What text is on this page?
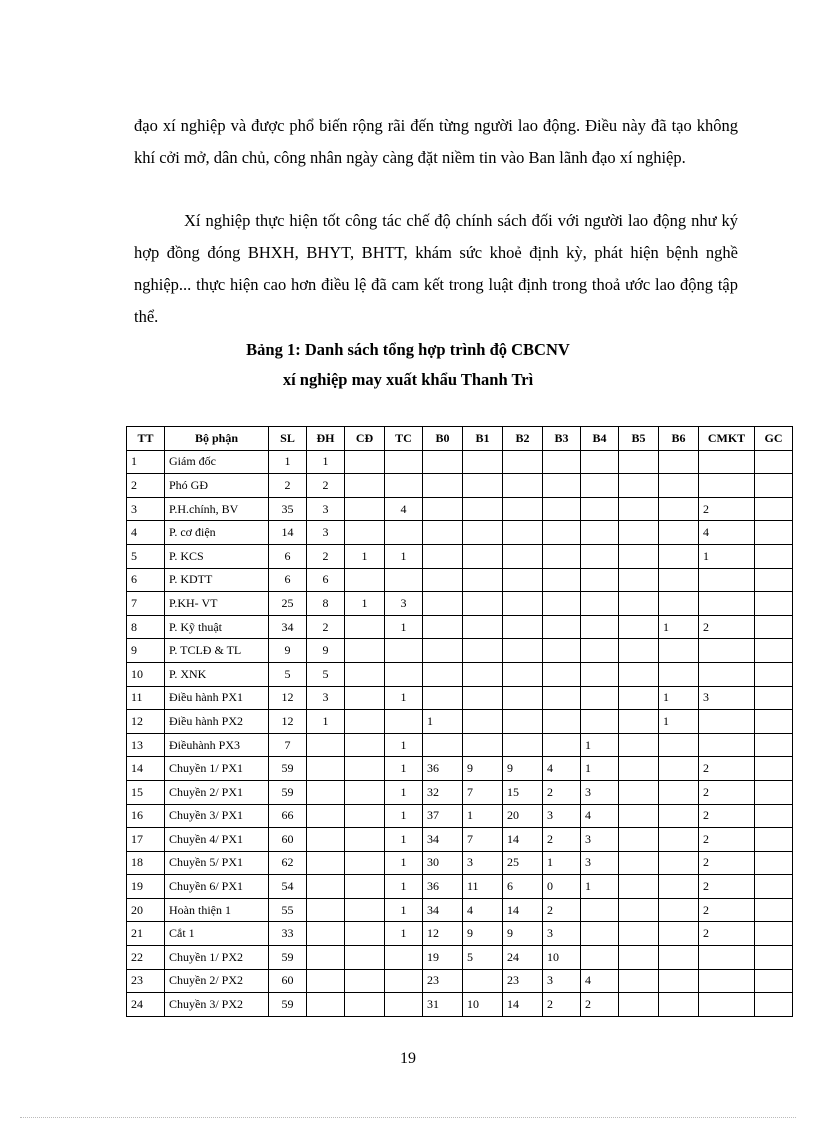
đạo xí nghiệp và được phổ biến rộng rãi đến từng người lao động. Điều này đã tạo không khí cởi mở, dân chủ, công nhân ngày càng đặt niềm tin vào Ban lãnh đạo xí nghiệp.

Xí nghiệp thực hiện tốt công tác chế độ chính sách đối với người lao động như ký hợp đồng đóng BHXH, BHYT, BHTT, khám sức khoẻ định kỳ, phát hiện bệnh nghề nghiệp... thực hiện cao hơn điều lệ đã cam kết trong luật định trong thoả ước lao động tập thể.

Bảng 1: Danh sách tổng hợp trình độ CBCNV
xí nghiệp may xuất khẩu Thanh Trì
TT	Bộ phận	SL	ĐH	CĐ	TC	B0	B1	B2	B3	B4	B5	B6	CMKT	GC
1	Giám đốc	1	1											
2	Phó GĐ	2	2											
3	P.H.chính, BV	35	3		4								2	
4	P. cơ điện	14	3										4	
5	P. KCS	6	2	1	1								1	
6	P. KDTT	6	6											
7	P.KH- VT	25	8	1	3									
8	P. Kỹ thuật	34	2		1							1	2	
9	P. TCLĐ & TL	9	9											
10	P. XNK	5	5											
11	Điều hành PX1	12	3		1							1	3	
12	Điều hành PX2	12	1			1						1		
13	Điềuhành PX3	7			1					1				
14	Chuyền 1/ PX1	59			1	36	9	9	4	1			2	
15	Chuyền 2/ PX1	59			1	32	7	15	2	3			2	
16	Chuyền 3/ PX1	66			1	37	1	20	3	4			2	
17	Chuyền 4/ PX1	60			1	34	7	14	2	3			2	
18	Chuyền 5/ PX1	62			1	30	3	25	1	3			2	
19	Chuyền 6/ PX1	54			1	36	11	6	0	1			2	
20	Hoàn thiện 1	55			1	34	4	14	2				2	
21	Cắt 1	33			1	12	9	9	3				2	
22	Chuyền 1/ PX2	59				19	5	24	10					
23	Chuyền 2/ PX2	60				23		23	3	4				
24	Chuyền 3/ PX2	59				31	10	14	2	2				
19
